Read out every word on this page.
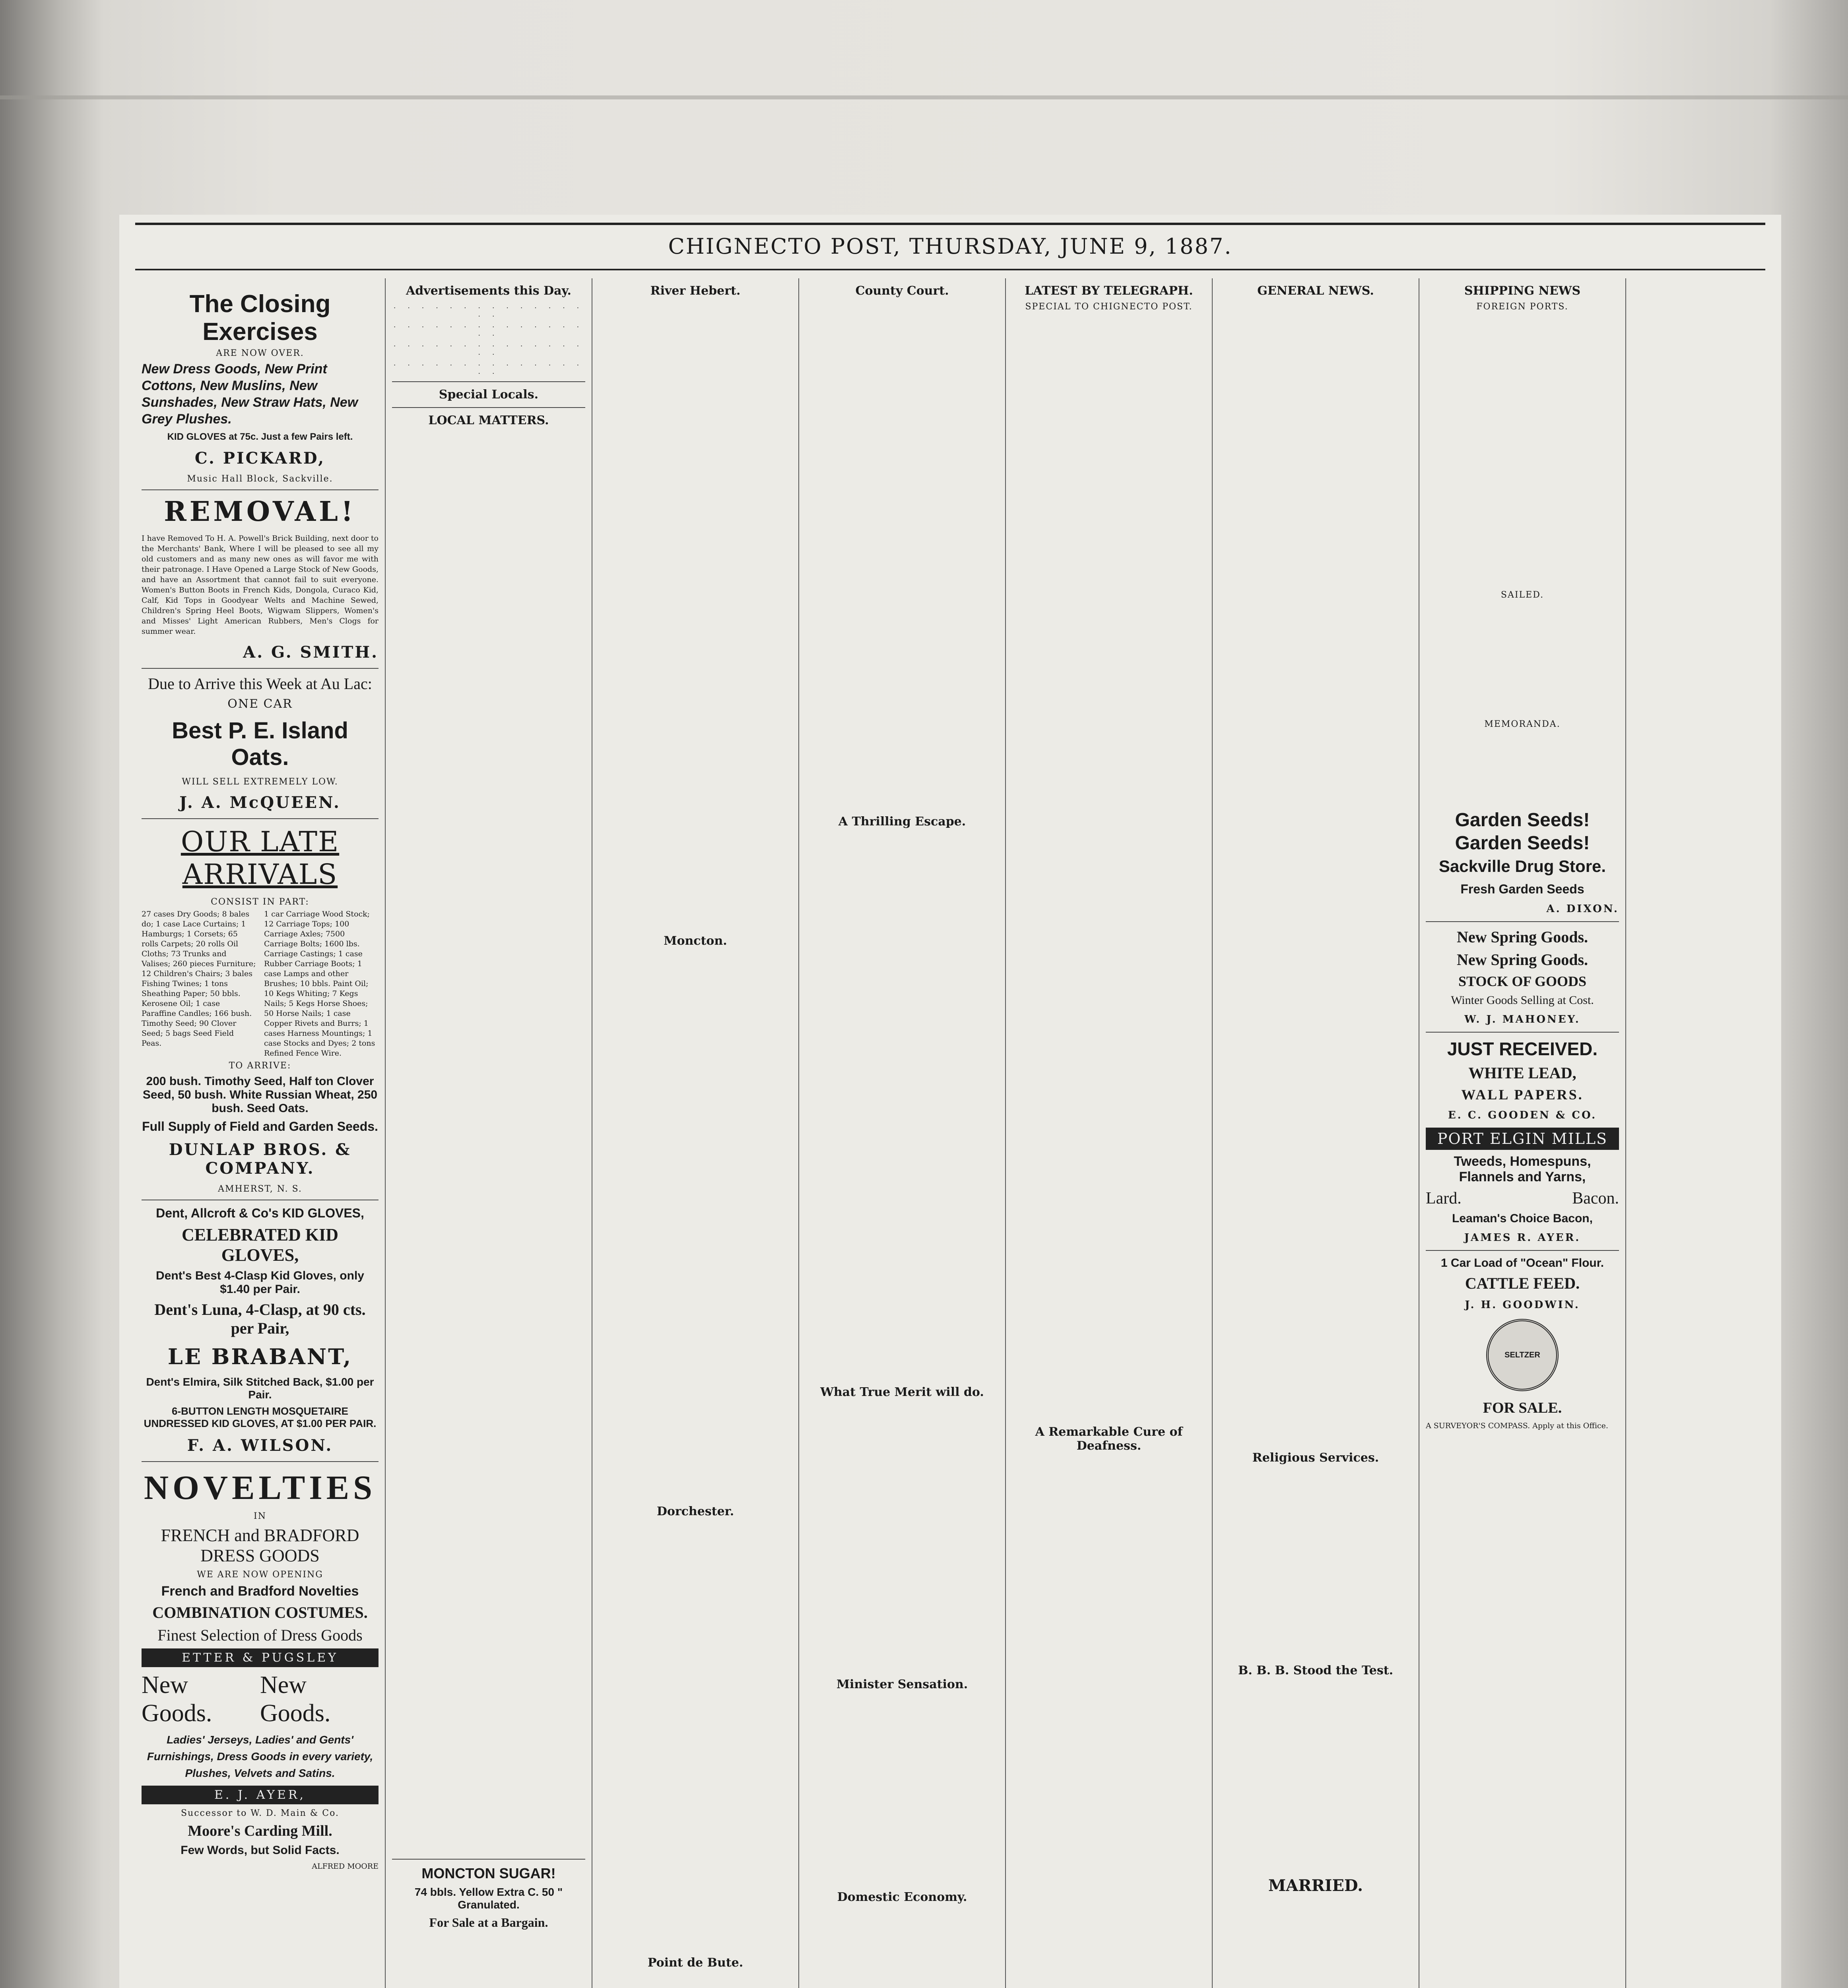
CHIGNECTO POST, THURSDAY, JUNE 9, 1887.
The Closing Exercises
ARE NOW OVER.
New Dress Goods, New Print Cottons, New Muslins, New Sunshades, New Straw Hats, New Grey Plushes.
KID GLOVES at 75c. Just a few Pairs left.
C. PICKARD,
Music Hall Block, Sackville.
REMOVAL!
I have Removed To H. A. Powell's Brick Building, next door to the Merchants' Bank, Where I will be pleased to see all my old customers and as many new ones as will favor me with their patronage. I Have Opened a Large Stock of New Goods, and have an Assortment that cannot fail to suit everyone. Women's Button Boots in French Kids, Dongola, Curaco Kid, Calf, Kid Tops in Goodyear Welts and Machine Sewed, Children's Spring Heel Boots, Wigwam Slippers, Women's and Misses' Light American Rubbers, Men's Clogs for summer wear.
A. G. SMITH.
Due to Arrive this Week at Au Lac:
ONE CAR
Best P. E. Island Oats.
WILL SELL EXTREMELY LOW.
J. A. McQUEEN.
OUR LATE ARRIVALS
CONSIST IN PART:
27 cases Dry Goods; 8 bales do; 1 case Lace Curtains; 1 Hamburgs; 1 Corsets; 65 rolls Carpets; 20 rolls Oil Cloths; 73 Trunks and Valises; 260 pieces Furniture; 12 Children's Chairs; 3 bales Fishing Twines; 1 tons Sheathing Paper; 50 bbls. Kerosene Oil; 1 case Paraffine Candles; 166 bush. Timothy Seed; 90 Clover Seed; 5 bags Seed Field Peas.
1 car Carriage Wood Stock; 12 Carriage Tops; 100 Carriage Axles; 7500 Carriage Bolts; 1600 lbs. Carriage Castings; 1 case Rubber Carriage Boots; 1 case Lamps and other Brushes; 10 bbls. Paint Oil; 10 Kegs Whiting; 7 Kegs Nails; 5 Kegs Horse Shoes; 50 Horse Nails; 1 case Copper Rivets and Burrs; 1 cases Harness Mountings; 1 case Stocks and Dyes; 2 tons Refined Fence Wire.
TO ARRIVE:
200 bush. Timothy Seed, Half ton Clover Seed, 50 bush. White Russian Wheat, 250 bush. Seed Oats.
Full Supply of Field and Garden Seeds.
DUNLAP BROS. & COMPANY.
AMHERST, N. S.
Dent, Allcroft & Co's KID GLOVES,
CELEBRATED KID GLOVES,
Dent's Best 4-Clasp Kid Gloves, only $1.40 per Pair.
Dent's Luna, 4-Clasp, at 90 cts. per Pair,
LE BRABANT,
Dent's Elmira, Silk Stitched Back, $1.00 per Pair.
6-BUTTON LENGTH MOSQUETAIRE UNDRESSED KID GLOVES, AT $1.00 PER PAIR.
F. A. WILSON.
NOVELTIES
IN
FRENCH and BRADFORD DRESS GOODS
WE ARE NOW OPENING
French and Bradford Novelties
COMBINATION COSTUMES.
Finest Selection of Dress Goods
ETTER & PUGSLEY
New Goods.
New Goods.
Ladies' Jerseys, Ladies' and Gents' Furnishings, Dress Goods in every variety, Plushes, Velvets and Satins.
E. J. AYER,
Successor to W. D. Main & Co.
Moore's Carding Mill.
Few Words, but Solid Facts.
ALFRED MOORE
Advertisements this Day.
. . . . . . . . . . . . . . . .
. . . . . . . . . . . . . . . .
. . . . . . . . . . . . . . . .
. . . . . . . . . . . . . . . .
Special Locals.
LOCAL MATTERS.
MONCTON SUGAR!
74 bbls. Yellow Extra C. 50 " Granulated.
For Sale at a Bargain.
River Hebert.
Moncton.
Dorchester.
Point de Bute.
County Court.
A Thrilling Escape.
What True Merit will do.
Minister Sensation.
Domestic Economy.
LATEST BY TELEGRAPH.
SPECIAL TO CHIGNECTO POST.
A Remarkable Cure of Deafness.
GENERAL NEWS.
Religious Services.
B. B. B. Stood the Test.
MARRIED.
SHIPPING NEWS
FOREIGN PORTS.
SAILED.
MEMORANDA.
Garden Seeds!
Garden Seeds!
Sackville Drug Store.
Fresh Garden Seeds
A. DIXON.
New Spring Goods.
New Spring Goods.
STOCK OF GOODS
Winter Goods Selling at Cost.
W. J. MAHONEY.
JUST RECEIVED.
WHITE LEAD,
WALL PAPERS.
E. C. GOODEN & CO.
PORT ELGIN MILLS
Tweeds, Homespuns, Flannels and Yarns,
Lard.	Bacon.
Leaman's Choice Bacon,
JAMES R. AYER.
1 Car Load of "Ocean" Flour.
CATTLE FEED.
J. H. GOODWIN.
SELTZER
FOR SALE.
A SURVEYOR'S COMPASS. Apply at this Office.
